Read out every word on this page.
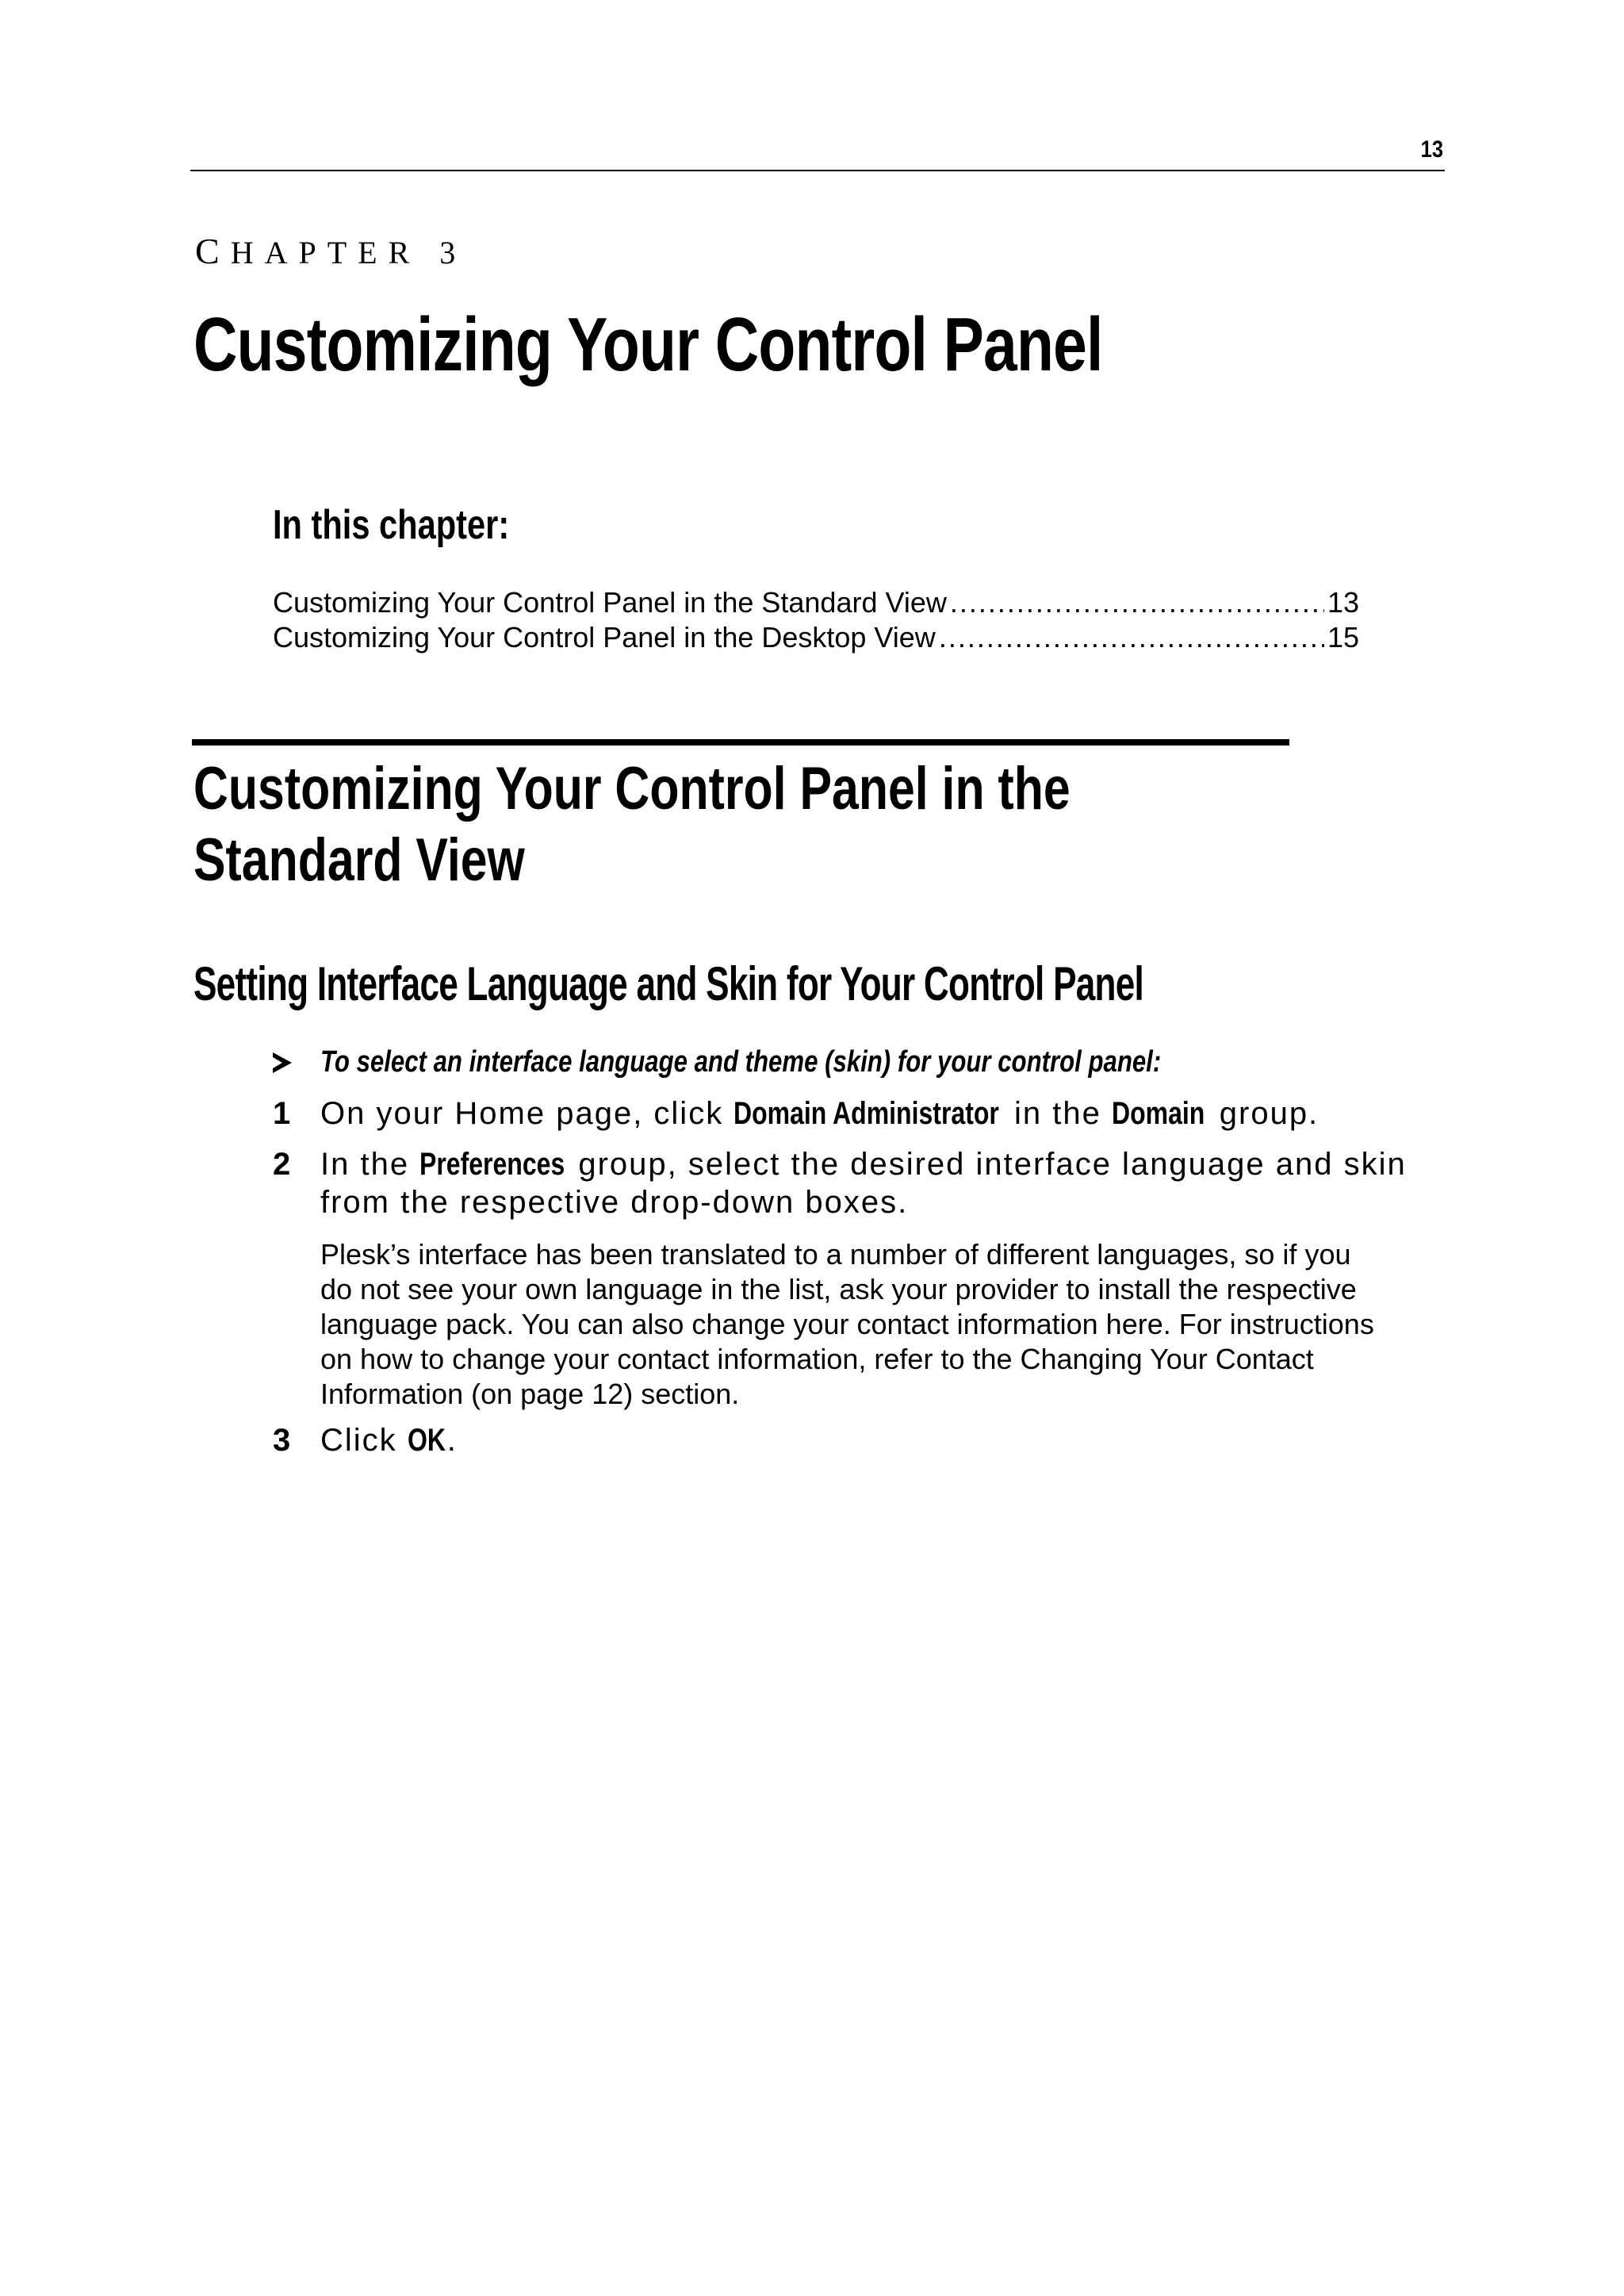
13
CHAPTER 3
Customizing Your Control Panel
In this chapter:
Customizing Your Control Panel in the Standard View .....	13
Customizing Your Control Panel in the Desktop View .....	15
Customizing Your Control Panel in the
Standard View
Setting Interface Language and Skin for Your Control Panel
To select an interface language and theme (skin) for your control panel:
1 On your Home page, click Domain Administrator in the Domain group.
2 In the Preferences group, select the desired interface language and skin
from the respective drop-down boxes.
Plesk’s interface has been translated to a number of different languages, so if you
do not see your own language in the list, ask your provider to install the respective
language pack. You can also change your contact information here. For instructions
on how to change your contact information, refer to the Changing Your Contact
Information (on page 12) section.
3 Click OK.
